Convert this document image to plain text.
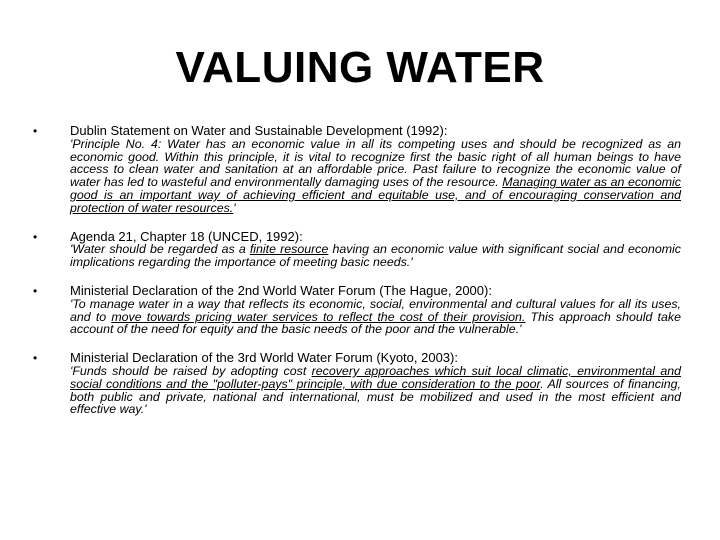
VALUING WATER
•	Dublin Statement on Water and Sustainable Development (1992):
'Principle No. 4: Water has an economic value in all its competing uses and should be recognized as an economic good. Within this principle, it is vital to recognize first the basic right of all human beings to have access to clean water and sanitation at an affordable price. Past failure to recognize the economic value of water has led to wasteful and environmentally damaging uses of the resource. Managing water as an economic good is an important way of achieving efficient and equitable use, and of encouraging conservation and protection of water resources.'
•	Agenda 21, Chapter 18 (UNCED, 1992):
'Water should be regarded as a finite resource having an economic value with significant social and economic implications regarding the importance of meeting basic needs.'
•	Ministerial Declaration of the 2nd World Water Forum (The Hague, 2000):
'To manage water in a way that reflects its economic, social, environmental and cultural values for all its uses, and to move towards pricing water services to reflect the cost of their provision. This approach should take account of the need for equity and the basic needs of the poor and the vulnerable.'
•	Ministerial Declaration of the 3rd World Water Forum (Kyoto, 2003):
'Funds should be raised by adopting cost recovery approaches which suit local climatic, environmental and social conditions and the "polluter-pays" principle, with due consideration to the poor. All sources of financing, both public and private, national and international, must be mobilized and used in the most efficient and effective way.'
